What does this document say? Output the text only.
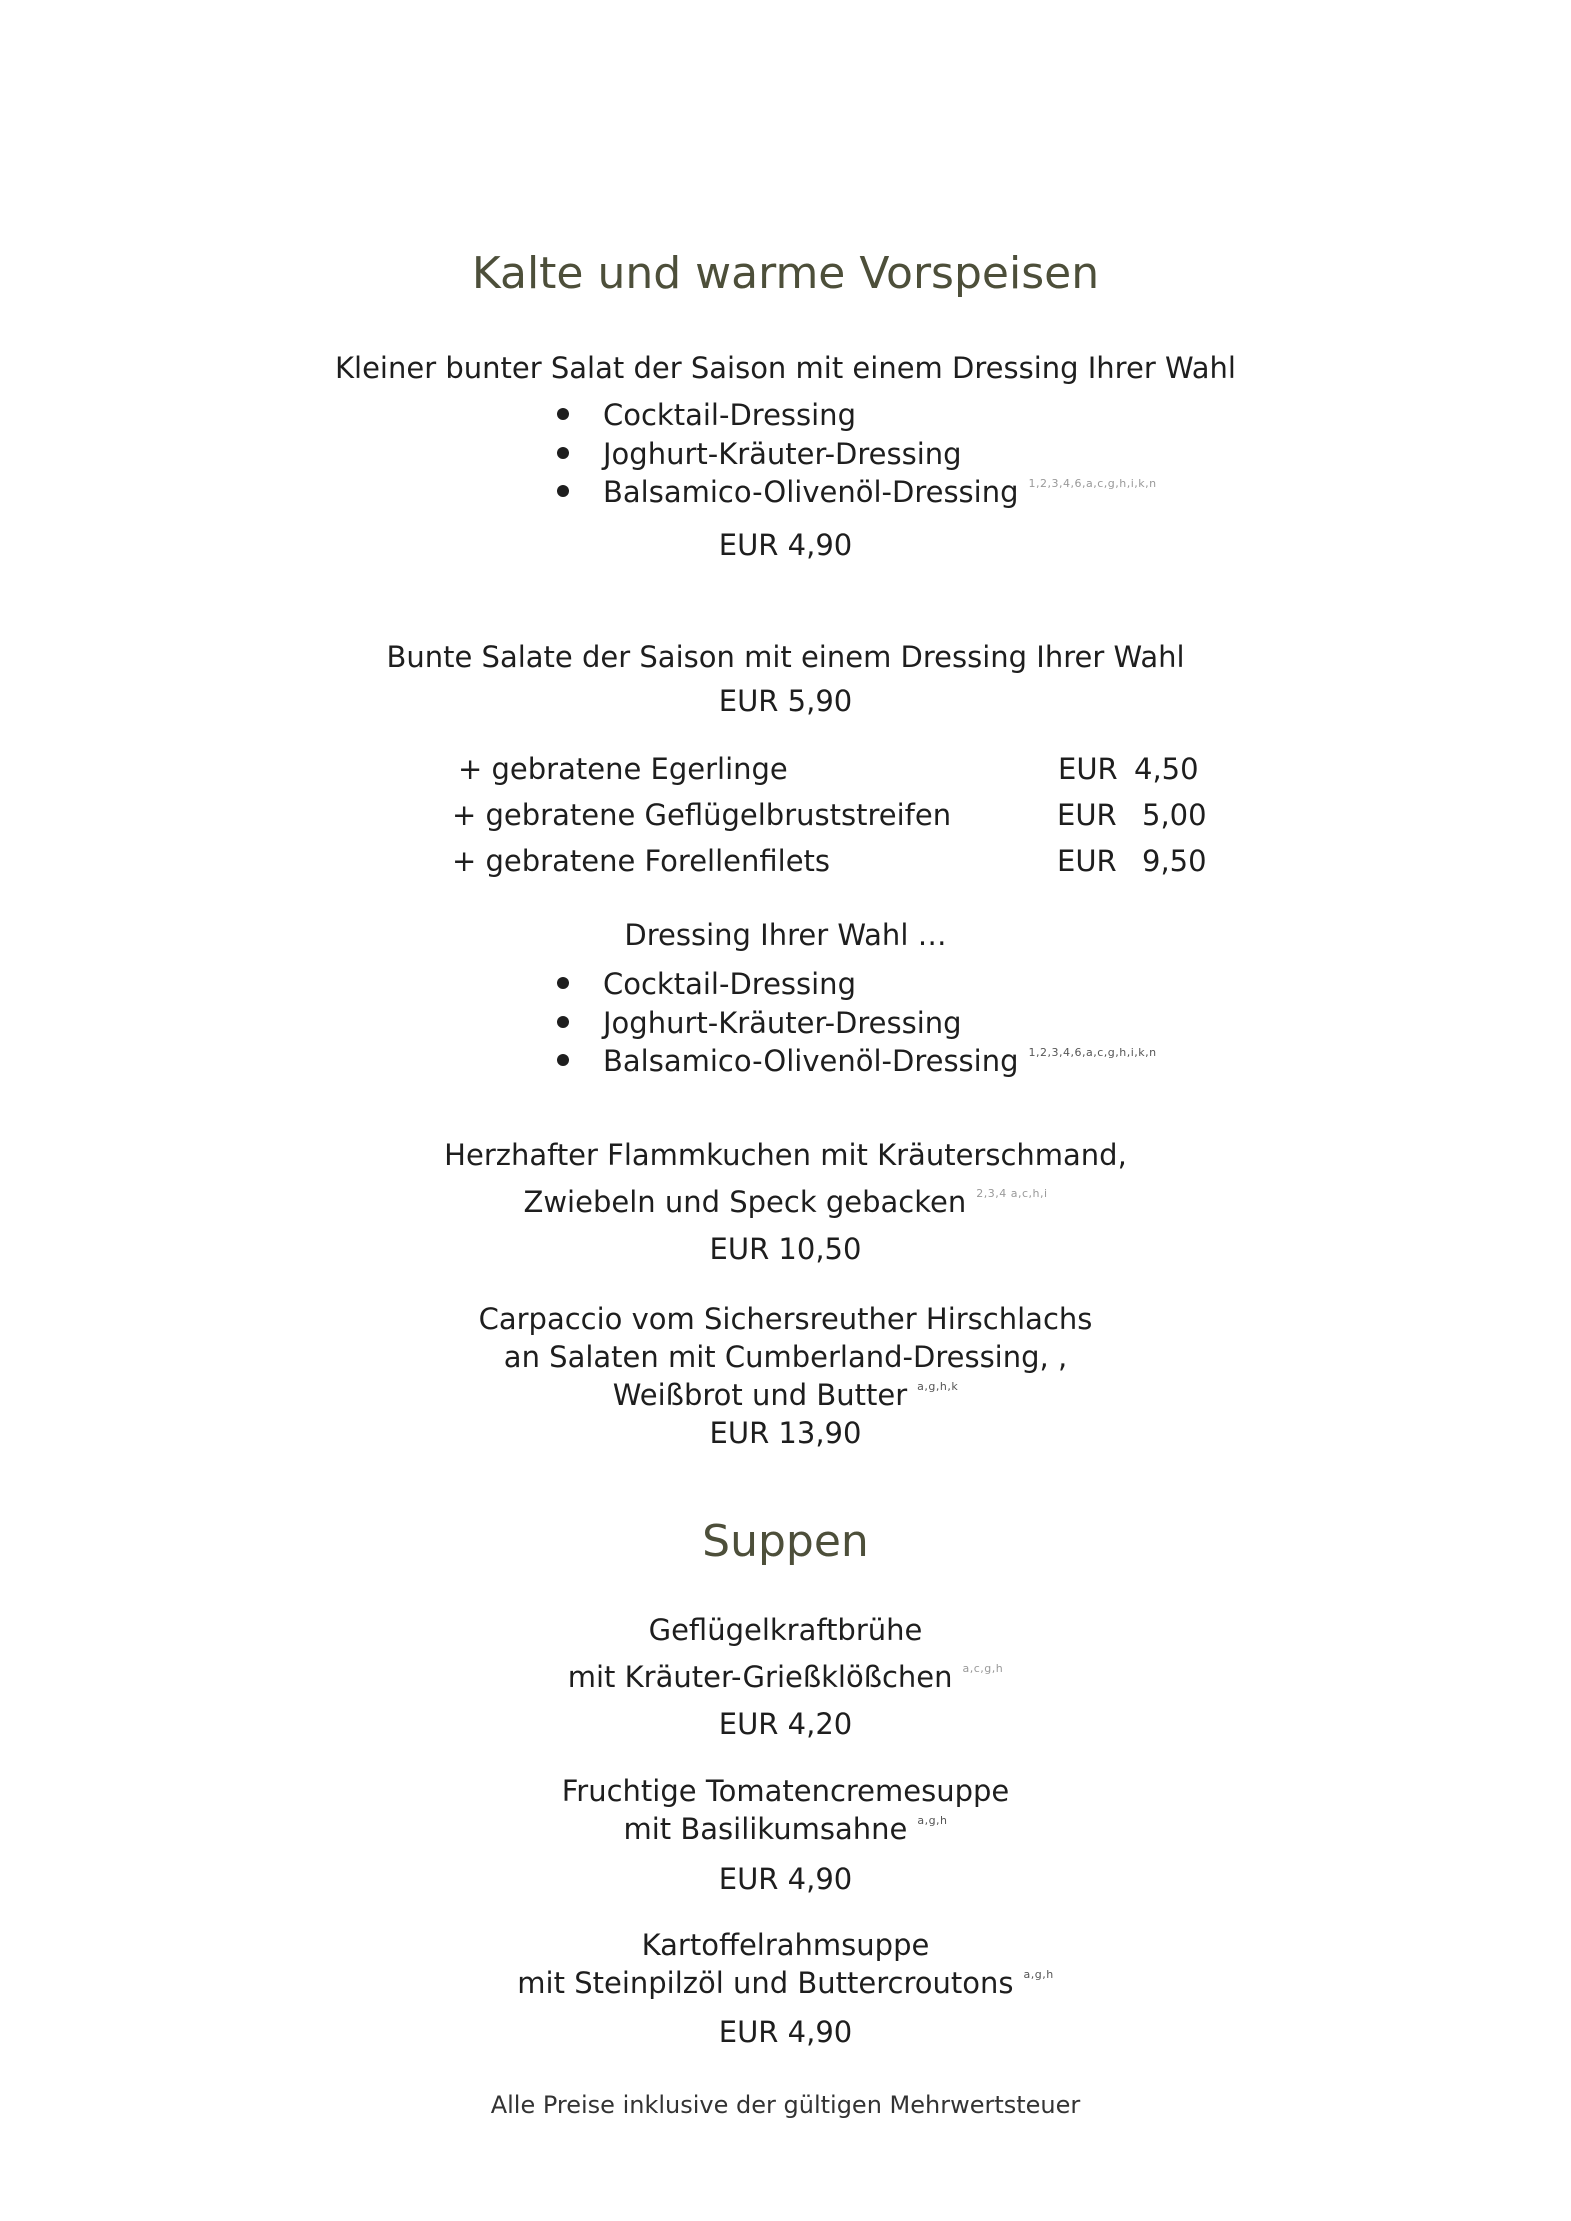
Kalte und warme Vorspeisen
Kleiner bunter Salat der Saison mit einem Dressing Ihrer Wahl
Cocktail-Dressing
Joghurt-Kräuter-Dressing
Balsamico-Olivenöl-Dressing $^{1,2,3,4,6,a,c,g,h,i,k,n}$
EUR 4,90
Bunte Salate der Saison mit einem Dressing Ihrer Wahl
EUR 5,90
+ gebratene Egerlinge	EUR 4,50
+ gebratene Geflügelbruststreifen	EUR 5,00
+ gebratene Forellenfilets	EUR 9,50
Dressing Ihrer Wahl …
Cocktail-Dressing
Joghurt-Kräuter-Dressing
Balsamico-Olivenöl-Dressing $^{1,2,3,4,6,a,c,g,h,i,k,n}$
Herzhafter Flammkuchen mit Kräuterschmand,
Zwiebeln und Speck gebacken $^{2,3,4 a,c,h,i}$
EUR 10,50
Carpaccio vom Sichersreuther Hirschlachs
an Salaten mit Cumberland-Dressing, ,
Weißbrot und Butter $^{a,g,h,k}$
EUR 13,90
Suppen
Geflügelkraftbrühe
mit Kräuter-Grießklößchen $^{a,c,g,h}$
EUR 4,20
Fruchtige Tomatencremesuppe
mit Basilikumsahne $^{a,g,h}$
EUR 4,90
Kartoffelrahmsuppe
mit Steinpilzöl und Buttercroutons $^{a,g,h}$
EUR 4,90
Alle Preise inklusive der gültigen Mehrwertsteuer
